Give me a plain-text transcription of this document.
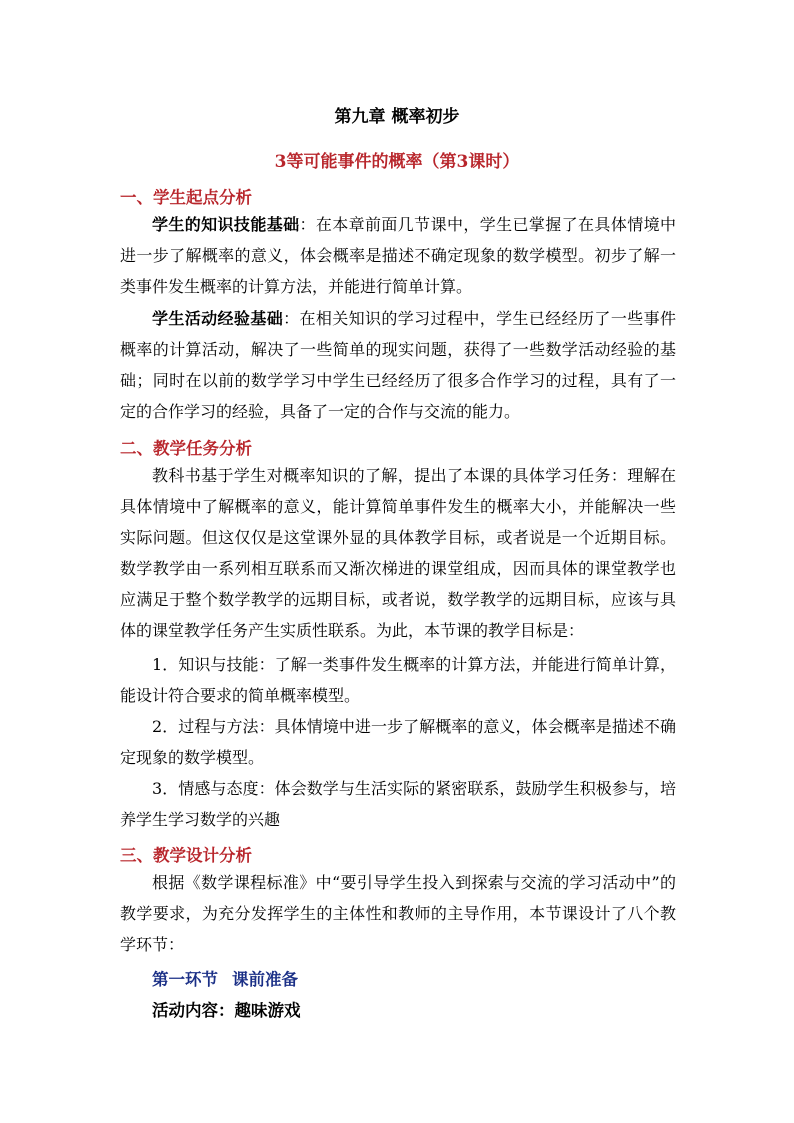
第九章 概率初步
3等可能事件的概率（第3课时）
一、学生起点分析

学生的知识技能基础：在本章前面几节课中，学生已掌握了在具体情境中进一步了解概率的意义，体会概率是描述不确定现象的数学模型。初步了解一类事件发生概率的计算方法，并能进行简单计算。

学生活动经验基础：在相关知识的学习过程中，学生已经经历了一些事件概率的计算活动，解决了一些简单的现实问题，获得了一些数学活动经验的基础；同时在以前的数学学习中学生已经经历了很多合作学习的过程，具有了一定的合作学习的经验，具备了一定的合作与交流的能力。

二、教学任务分析

教科书基于学生对概率知识的了解，提出了本课的具体学习任务：理解在具体情境中了解概率的意义，能计算简单事件发生的概率大小，并能解决一些实际问题。但这仅仅是这堂课外显的具体教学目标，或者说是一个近期目标。数学教学由一系列相互联系而又渐次梯进的课堂组成，因而具体的课堂教学也应满足于整个数学教学的远期目标，或者说，数学教学的远期目标，应该与具体的课堂教学任务产生实质性联系。为此，本节课的教学目标是：

1．知识与技能：了解一类事件发生概率的计算方法，并能进行简单计算，能设计符合要求的简单概率模型。

2．过程与方法：具体情境中进一步了解概率的意义，体会概率是描述不确定现象的数学模型。

3．情感与态度：体会数学与生活实际的紧密联系，鼓励学生积极参与，培养学生学习数学的兴趣

三、教学设计分析

根据《数学课程标准》中“要引导学生投入到探索与交流的学习活动中”的教学要求，为充分发挥学生的主体性和教师的主导作用，本节课设计了八个教学环节：

第一环节 课前准备

活动内容：趣味游戏
